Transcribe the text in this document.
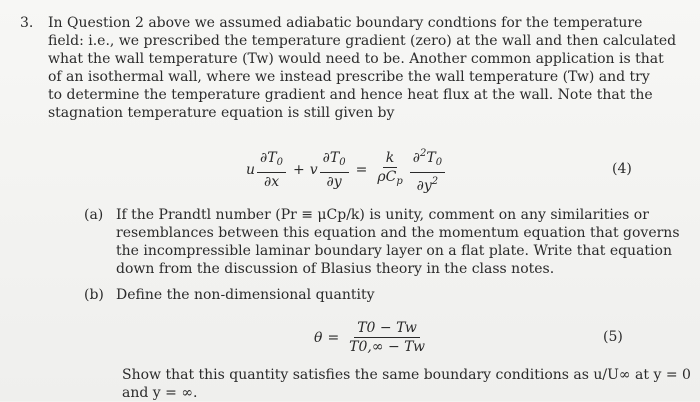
3. In Question 2 above we assumed adiabatic boundary condtions for the temperature
field: i.e., we prescribed the temperature gradient (zero) at the wall and then calculated
what the wall temperature (Tw) would need to be. Another common application is that
of an isothermal wall, where we instead prescribe the wall temperature (Tw) and try
to determine the temperature gradient and hence heat flux at the wall. Note that the
stagnation temperature equation is still given by
u $\frac{\partial T_0}{\partial x} + v \frac{\partial T_0}{\partial y} = \frac{k}{\rho C_p} \frac{\partial^2T_0}{\partial y^2}$	(4)
(a) If the Prandtl number (Pr ≡ μCp/k) is unity, comment on any similarities or
resemblances between this equation and the momentum equation that governs
the incompressible laminar boundary layer on a flat plate. Write that equation
down from the discussion of Blasius theory in the class notes.
(b) Define the non-dimensional quantity
$\theta = \frac{T0 - Tw}{T0,\infty - Tw}$	(5)
Show that this quantity satisfies the same boundary conditions as u/U∞ at y = 0
and y = ∞.
